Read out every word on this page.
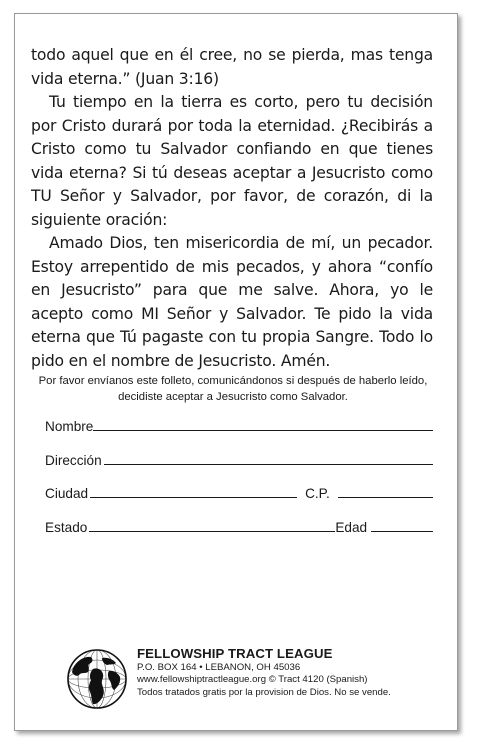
todo aquel que en él cree, no se pierda, mas tenga vida eterna.” (Juan 3:16)

Tu tiempo en la tierra es corto, pero tu decisión por Cristo durará por toda la eternidad. ¿Recibirás a Cristo como tu Salvador confiando en que tienes vida eterna? Si tú deseas aceptar a Jesucristo como TU Señor y Salvador, por favor, de corazón, di la siguiente oración:

Amado Dios, ten misericordia de mí, un pecador. Estoy arrepentido de mis pecados, y ahora “confío en Jesucristo” para que me salve. Ahora, yo le acepto como MI Señor y Salvador. Te pido la vida eterna que Tú pagaste con tu propia Sangre. Todo lo pido en el nombre de Jesucristo. Amén.

Por favor envíanos este folleto, comunicándonos si después de haberlo leído, decidiste aceptar a Jesucristo como Salvador.
Nombre
Dirección
Ciudad	C.P.
Estado	Edad
FELLOWSHIP TRACT LEAGUE
P.O. BOX 164 • LEBANON, OH 45036
www.fellowshiptractleague.org © Tract 4120 (Spanish)
Todos tratados gratis por la provision de Dios. No se vende.
